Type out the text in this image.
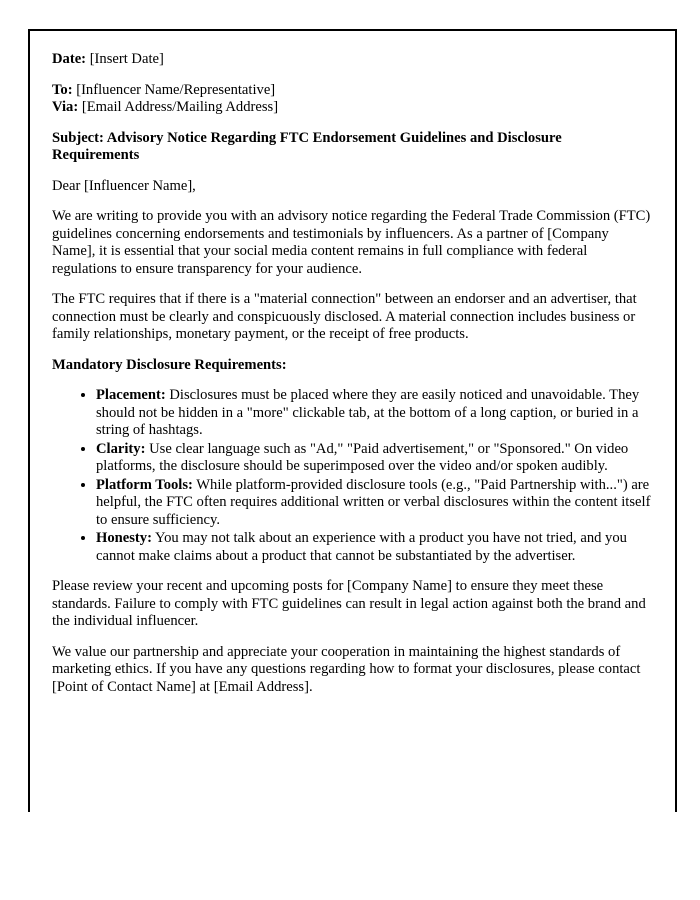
Date: [Insert Date]

To: [Influencer Name/Representative]

Via: [Email Address/Mailing Address]

Subject: Advisory Notice Regarding FTC Endorsement Guidelines and Disclosure Requirements

Dear [Influencer Name],

We are writing to provide you with an advisory notice regarding the Federal Trade Commission (FTC) guidelines concerning endorsements and testimonials by influencers. As a partner of [Company Name], it is essential that your social media content remains in full compliance with federal regulations to ensure transparency for your audience.

The FTC requires that if there is a "material connection" between an endorser and an advertiser, that connection must be clearly and conspicuously disclosed. A material connection includes business or family relationships, monetary payment, or the receipt of free products.

Mandatory Disclosure Requirements:

• Placement: Disclosures must be placed where they are easily noticed and unavoidable. They should not be hidden in a "more" clickable tab, at the bottom of a long caption, or buried in a string of hashtags.
• Clarity: Use clear language such as "Ad," "Paid advertisement," or "Sponsored." On video platforms, the disclosure should be superimposed over the video and/or spoken audibly.
• Platform Tools: While platform-provided disclosure tools (e.g., "Paid Partnership with...") are helpful, the FTC often requires additional written or verbal disclosures within the content itself to ensure sufficiency.
• Honesty: You may not talk about an experience with a product you have not tried, and you cannot make claims about a product that cannot be substantiated by the advertiser.

Please review your recent and upcoming posts for [Company Name] to ensure they meet these standards. Failure to comply with FTC guidelines can result in legal action against both the brand and the individual influencer.

We value our partnership and appreciate your cooperation in maintaining the highest standards of marketing ethics. If you have any questions regarding how to format your disclosures, please contact [Point of Contact Name] at [Email Address].
